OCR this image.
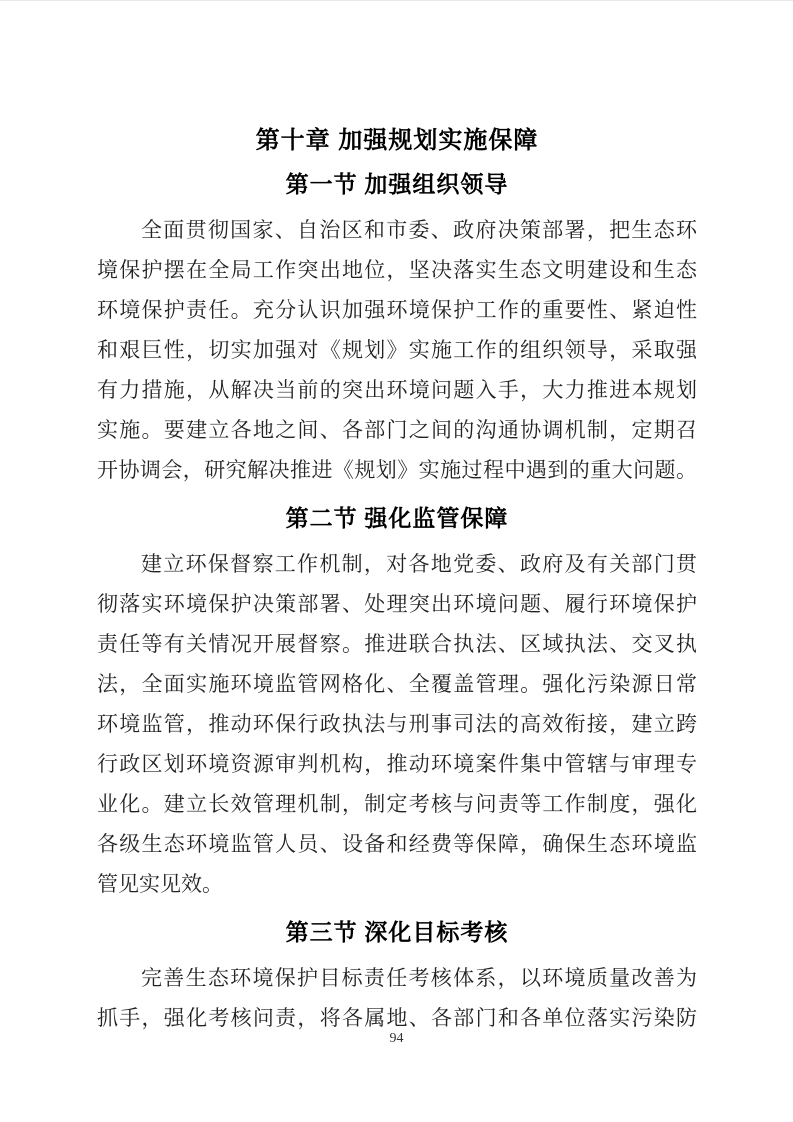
第十章 加强规划实施保障
第一节 加强组织领导
全面贯彻国家、自治区和市委、政府决策部署，把生态环
境保护摆在全局工作突出地位，坚决落实生态文明建设和生态
环境保护责任。充分认识加强环境保护工作的重要性、紧迫性
和艰巨性，切实加强对《规划》实施工作的组织领导，采取强
有力措施，从解决当前的突出环境问题入手，大力推进本规划
实施。要建立各地之间、各部门之间的沟通协调机制，定期召
开协调会，研究解决推进《规划》实施过程中遇到的重大问题。
第二节 强化监管保障
建立环保督察工作机制，对各地党委、政府及有关部门贯
彻落实环境保护决策部署、处理突出环境问题、履行环境保护
责任等有关情况开展督察。推进联合执法、区域执法、交叉执
法，全面实施环境监管网格化、全覆盖管理。强化污染源日常
环境监管，推动环保行政执法与刑事司法的高效衔接，建立跨
行政区划环境资源审判机构，推动环境案件集中管辖与审理专
业化。建立长效管理机制，制定考核与问责等工作制度，强化
各级生态环境监管人员、设备和经费等保障，确保生态环境监
管见实见效。
第三节 深化目标考核
完善生态环境保护目标责任考核体系，以环境质量改善为
抓手，强化考核问责，将各属地、各部门和各单位落实污染防
94
